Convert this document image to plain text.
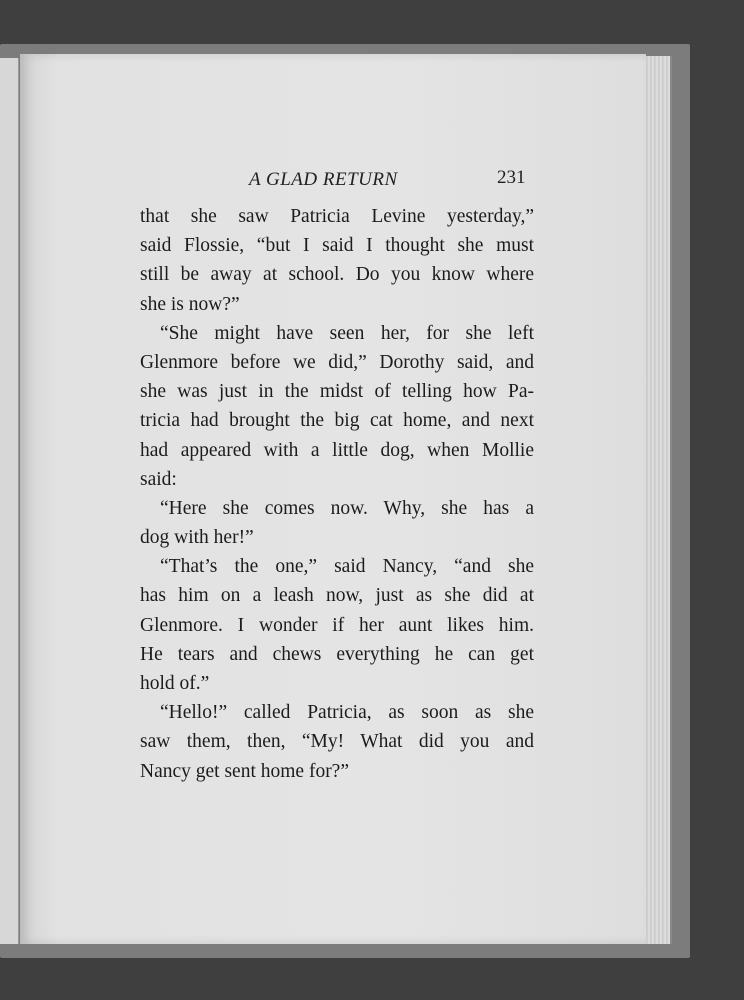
A GLAD RETURN	231
that she saw Patricia Levine yesterday,”
said Flossie, “but I said I thought she must
still be away at school. Do you know where
she is now?”
“She might have seen her, for she left
Glenmore before we did,” Dorothy said, and
she was just in the midst of telling how Pa-
tricia had brought the big cat home, and next
had appeared with a little dog, when Mollie
said:
“Here she comes now. Why, she has a
dog with her!”
“That’s the one,” said Nancy, “and she
has him on a leash now, just as she did at
Glenmore. I wonder if her aunt likes him.
He tears and chews everything he can get
hold of.”
“Hello!” called Patricia, as soon as she
saw them, then, “My! What did you and
Nancy get sent home for?”
